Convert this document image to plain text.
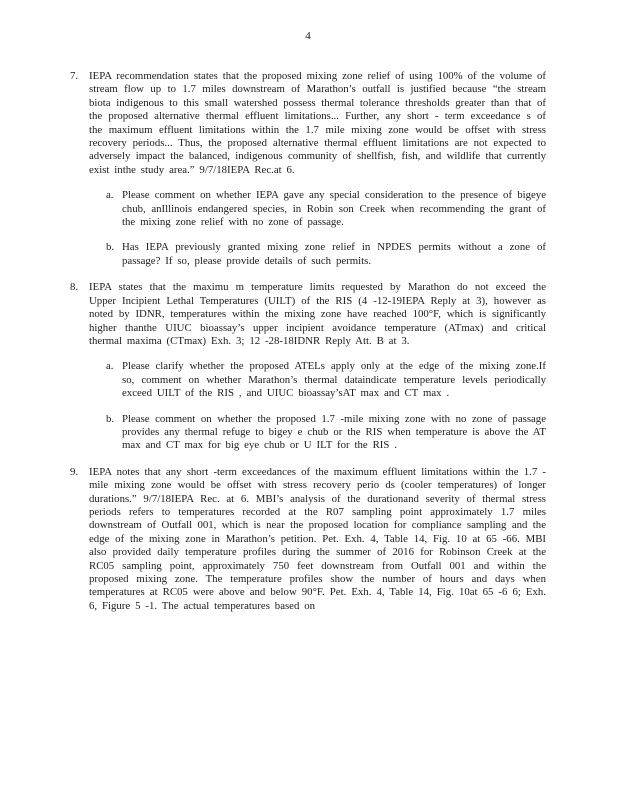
4
7.	IEPA recommendation states that the proposed mixing zone relief of using 100% of the volume of stream flow up to 1.7 miles downstream of Marathon’s outfall is justified because “the stream biota indigenous to this small watershed possess thermal tolerance thresholds greater than that of the proposed alternative thermal effluent limitations... Further, any short - term exceedance s of the maximum effluent limitations within the 1.7 mile mixing zone would be offset with stress recovery periods... Thus, the proposed alternative thermal effluent limitations are not expected to adversely impact the balanced, indigenous community of shellfish, fish, and wildlife that currently exist inthe study area.” 9/7/18IEPA Rec.at 6.
a. Please comment on whether IEPA gave any special consideration to the presence of bigeye chub, anIllinois endangered species, in Robin son Creek when recommending the grant of the mixing zone relief with no zone of passage.
b. Has IEPA previously granted mixing zone relief in NPDES permits without a zone of passage? If so, please provide details of such permits.
8.	IEPA states that the maximu m temperature limits requested by Marathon do not exceed the Upper Incipient Lethal Temperatures (UILT) of the RIS (4 -12-19IEPA Reply at 3), however as noted by IDNR, temperatures within the mixing zone have reached 100°F, which is significantly higher thanthe UIUC bioassay’s upper incipient avoidance temperature (ATmax) and critical thermal maxima (CTmax) Exh. 3; 12 -28-18IDNR Reply Att. B at 3.
a. Please clarify whether the proposed ATELs apply only at the edge of the mixing zone.If so, comment on whether Marathon’s thermal dataindicate temperature levels periodically exceed UILT of the RIS , and UIUC bioassay’sAT max and CT max .
b. Please comment on whether the proposed 1.7 -mile mixing zone with no zone of passage provides any thermal refuge to bigey e chub or the RIS when temperature is above the AT max and CT max for big eye chub or U ILT for the RIS .
9.	IEPA notes that any short -term exceedances of the maximum effluent limitations within the 1.7 -mile mixing zone would be offset with stress recovery perio ds (cooler temperatures) of longer durations.” 9/7/18IEPA Rec. at 6. MBI’s analysis of the durationand severity of thermal stress periods refers to temperatures recorded at the R07 sampling point approximately 1.7 miles downstream of Outfall 001, which is near the proposed location for compliance sampling and the edge of the mixing zone in Marathon’s petition. Pet. Exh. 4, Table 14, Fig. 10 at 65 -66. MBI also provided daily temperature profiles during the summer of 2016 for Robinson Creek at the RC05 sampling point, approximately 750 feet downstream from Outfall 001 and within the proposed mixing zone. The temperature profiles show the number of hours and days when temperatures at RC05 were above and below 90°F. Pet. Exh. 4, Table 14, Fig. 10at 65 -6 6; Exh. 6, Figure 5 -1. The actual temperatures based on
